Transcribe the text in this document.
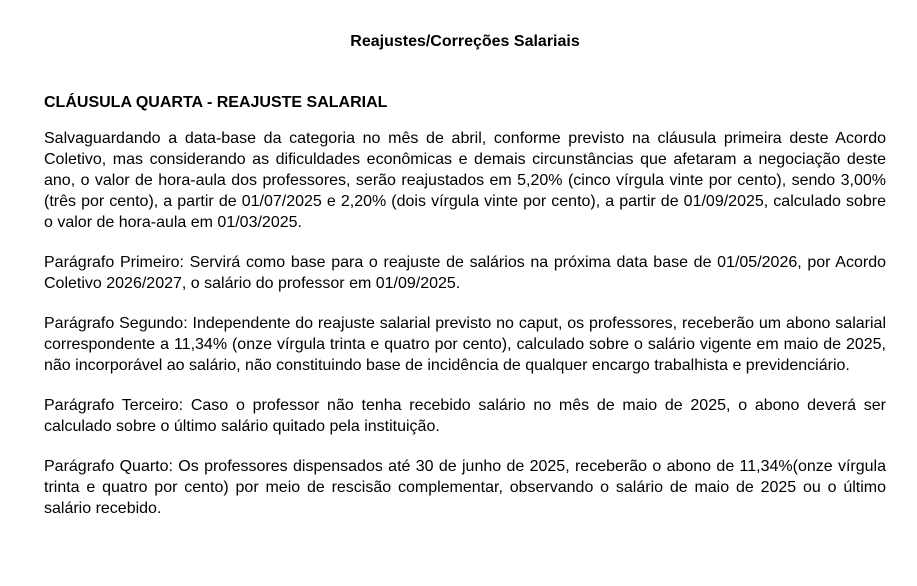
Reajustes/Correções Salariais
CLÁUSULA QUARTA - REAJUSTE SALARIAL

Salvaguardando a data-base da categoria no mês de abril, conforme previsto na cláusula primeira deste Acordo Coletivo, mas considerando as dificuldades econômicas e demais circunstâncias que afetaram a negociação deste ano, o valor de hora-aula dos professores, serão reajustados em 5,20% (cinco vírgula vinte por cento), sendo 3,00% (três por cento), a partir de 01/07/2025 e 2,20% (dois vírgula vinte por cento), a partir de 01/09/2025, calculado sobre o valor de hora-aula em 01/03/2025.

Parágrafo Primeiro: Servirá como base para o reajuste de salários na próxima data base de 01/05/2026, por Acordo Coletivo 2026/2027, o salário do professor em 01/09/2025.

Parágrafo Segundo: Independente do reajuste salarial previsto no caput, os professores, receberão um abono salarial correspondente a 11,34% (onze vírgula trinta e quatro por cento), calculado sobre o salário vigente em maio de 2025, não incorporável ao salário, não constituindo base de incidência de qualquer encargo trabalhista e previdenciário.

Parágrafo Terceiro: Caso o professor não tenha recebido salário no mês de maio de 2025, o abono deverá ser calculado sobre o último salário quitado pela instituição.

Parágrafo Quarto: Os professores dispensados até 30 de junho de 2025, receberão o abono de 11,34%(onze vírgula trinta e quatro por cento) por meio de rescisão complementar, observando o salário de maio de 2025 ou o último salário recebido.
